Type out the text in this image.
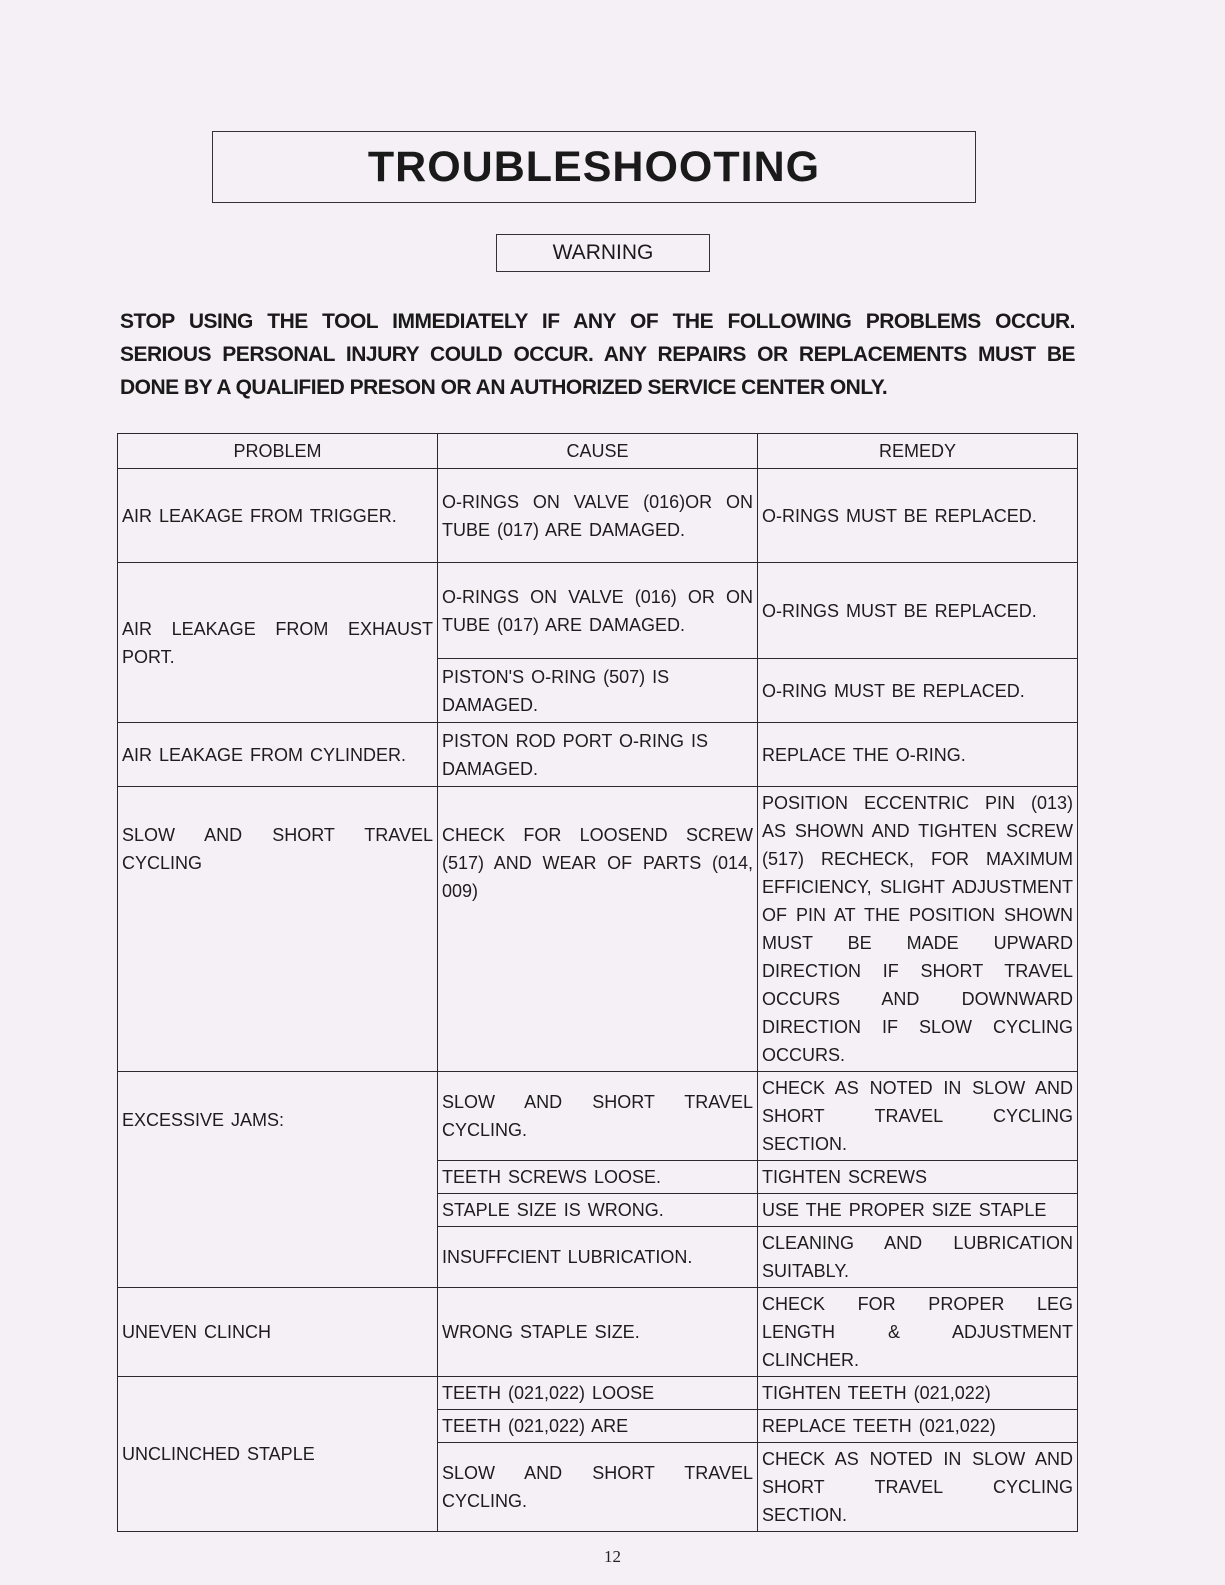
TROUBLESHOOTING
WARNING
STOP USING THE TOOL IMMEDIATELY IF ANY OF THE FOLLOWING PROBLEMS OCCUR.
SERIOUS PERSONAL INJURY COULD OCCUR. ANY REPAIRS OR REPLACEMENTS MUST BE
DONE BY A QUALIFIED PRESON OR AN AUTHORIZED SERVICE CENTER ONLY.
PROBLEM	CAUSE	REMEDY
AIR LEAKAGE FROM TRIGGER.	O-RINGS ON VALVE (016)OR ON TUBE (017) ARE DAMAGED.	O-RINGS MUST BE REPLACED.
AIR LEAKAGE FROM EXHAUST PORT.	O-RINGS ON VALVE (016) OR ON TUBE (017) ARE DAMAGED.	O-RINGS MUST BE REPLACED.
	PISTON'S O-RING (507) IS DAMAGED.	O-RING MUST BE REPLACED.
AIR LEAKAGE FROM CYLINDER.	PISTON ROD PORT O-RING IS DAMAGED.	REPLACE THE O-RING.
SLOW AND SHORT TRAVEL CYCLING	CHECK FOR LOOSEND SCREW (517) AND WEAR OF PARTS (014, 009)	POSITION ECCENTRIC PIN (013) AS SHOWN AND TIGHTEN SCREW (517) RECHECK, FOR MAXIMUM EFFICIENCY, SLIGHT ADJUSTMENT OF PIN AT THE POSITION SHOWN MUST BE MADE UPWARD DIRECTION IF SHORT TRAVEL OCCURS AND DOWNWARD DIRECTION IF SLOW CYCLING OCCURS.
EXCESSIVE JAMS:	SLOW AND SHORT TRAVEL CYCLING.	CHECK AS NOTED IN SLOW AND SHORT TRAVEL CYCLING SECTION.
	TEETH SCREWS LOOSE.	TIGHTEN SCREWS
	STAPLE SIZE IS WRONG.	USE THE PROPER SIZE STAPLE
	INSUFFCIENT LUBRICATION.	CLEANING AND LUBRICATION SUITABLY.
UNEVEN CLINCH	WRONG STAPLE SIZE.	CHECK FOR PROPER LEG LENGTH & ADJUSTMENT CLINCHER.
UNCLINCHED STAPLE	TEETH (021,022) LOOSE	TIGHTEN TEETH (021,022)
	TEETH (021,022) ARE	REPLACE TEETH (021,022)
	SLOW AND SHORT TRAVEL CYCLING.	CHECK AS NOTED IN SLOW AND SHORT TRAVEL CYCLING SECTION.
12
